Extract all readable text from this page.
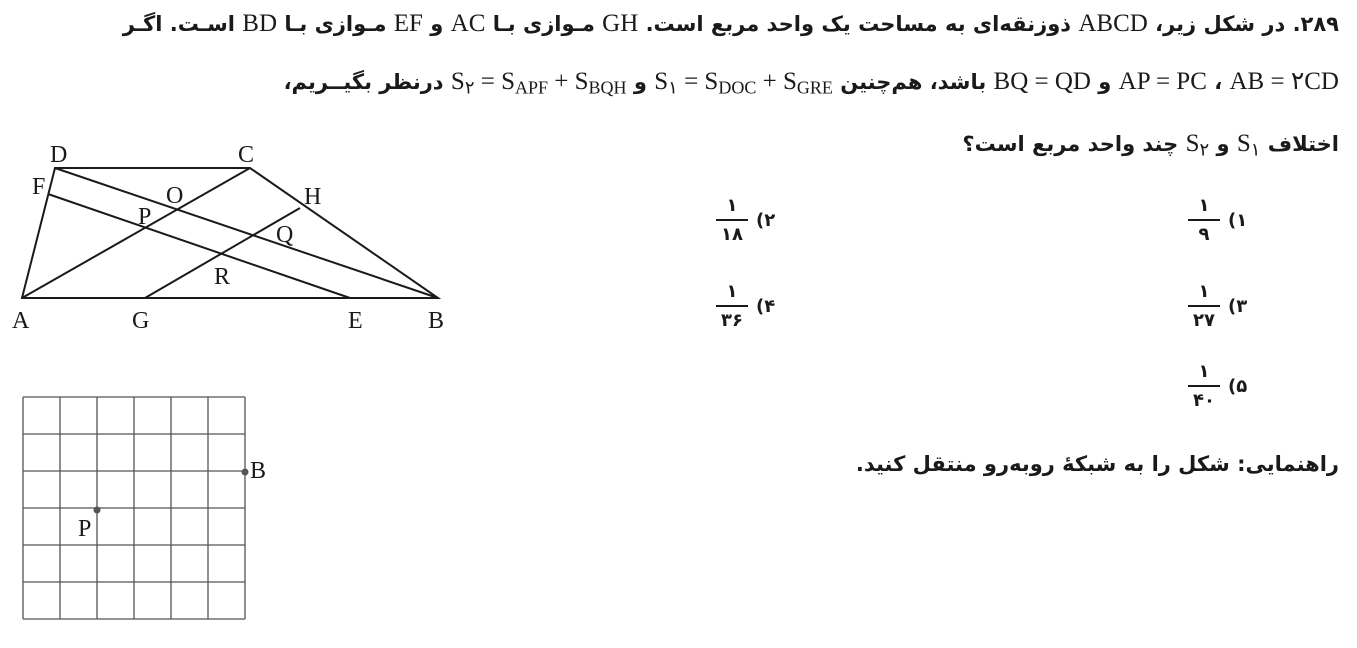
۲۸۹. در شکل زیر، ABCD ذوزنقه‌ای به مساحت یک واحد مربع است. GH مـوازی بـا AC و EF مـوازی بـا BD اسـت. اگـر
AB = ۲CD ، AP = PC و BQ = QD باشد، هم‌چنین $S_۱ = S_{DOC} + S_{GRE}$ و $S_۲ = S_{APF} + S_{BQH}$ درنظر بگیــریم،
اختلاف $S_۱$ و $S_۲$ چند واحد مربع است؟
$\frac{۱}{۹}$ (۱
$\frac{۱}{۱۸}$ (۲
$\frac{۱}{۲۷}$ (۳
$\frac{۱}{۳۶}$ (۴
$\frac{۱}{۴۰}$ (۵
راهنمایی: شکل را به شبکهٔ روبه‌رو منتقل کنید.
D	C
F	O	H
P
Q
R
A	G	E	B
P
B
